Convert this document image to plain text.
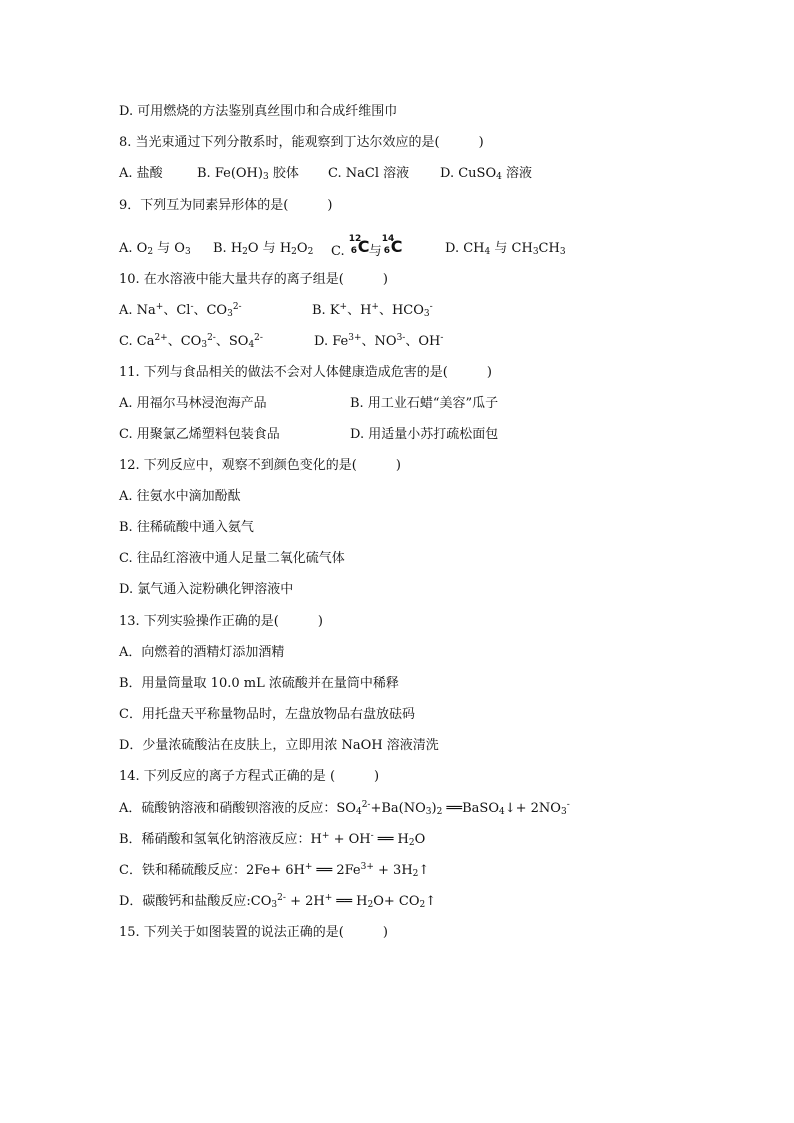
D. 可用燃烧的方法鉴别真丝围巾和合成纤维围巾
8. 当光束通过下列分散系时，能观察到丁达尔效应的是(　　　)
A. 盐酸	B. $Fe(OH)_3$ 胶体 C. NaCl 溶液 D. CuSO$_4$ 溶液
9．下列互为同素异形体的是(　　　)
A. $O_2$ 与 $O_3$ B. $H_2O$ 与 $H_2O_2$ C.
12
6 C 与
14
6 C	D. $CH_4$ 与 $CH_3CH_3$
10. 在水溶液中能大量共存的离子组是(　　　)
A. Na+、Cl-、$CO_3^{2-}$	B. K+、H+、$HCO_3^-$
C. $Ca^{2+}$、$CO_3^{2-}$、$SO_4^{2-}$	D. $Fe^{3+}$、$NO^{3-}$、OH-
11. 下列与食品相关的做法不会对人体健康造成危害的是(　　　)
A. 用福尔马林浸泡海产品	B. 用工业石蜡“美容”瓜子
C. 用聚氯乙烯塑料包装食品	D. 用适量小苏打疏松面包
12. 下列反应中，观察不到颜色变化的是(　　　)
A. 往氨水中滴加酚酞
B. 往稀硫酸中通入氨气
C. 往品红溶液中通人足量二氧化硫气体
D. 氯气通入淀粉碘化钾溶液中
13. 下列实验操作正确的是(　　　)
A．向燃着的酒精灯添加酒精
B．用量筒量取 10.0 mL 浓硫酸并在量筒中稀释
C．用托盘天平称量物品时，左盘放物品右盘放砝码
D．少量浓硫酸沾在皮肤上，立即用浓 NaOH 溶液清洗
14. 下列反应的离子方程式正确的是 (　　　)
A．硫酸钠溶液和硝酸钡溶液的反应：$SO_4^{2-}+Ba(NO_3)_2$ ══BaSO$_4$↓+ $2NO_3^-$
B．稀硝酸和氢氧化钠溶液反应：H+ + OH- ══ $H_2O$
C．铁和稀硫酸反应：2Fe+ 6H+ ══ $2Fe^{3+}$ + $3H_2↑$
D．碳酸钙和盐酸反应$:CO_3^{2-} + 2H^+$ ══ $H_2O+$ $CO_2↑$
15. 下列关于如图装置的说法正确的是(　　　)
